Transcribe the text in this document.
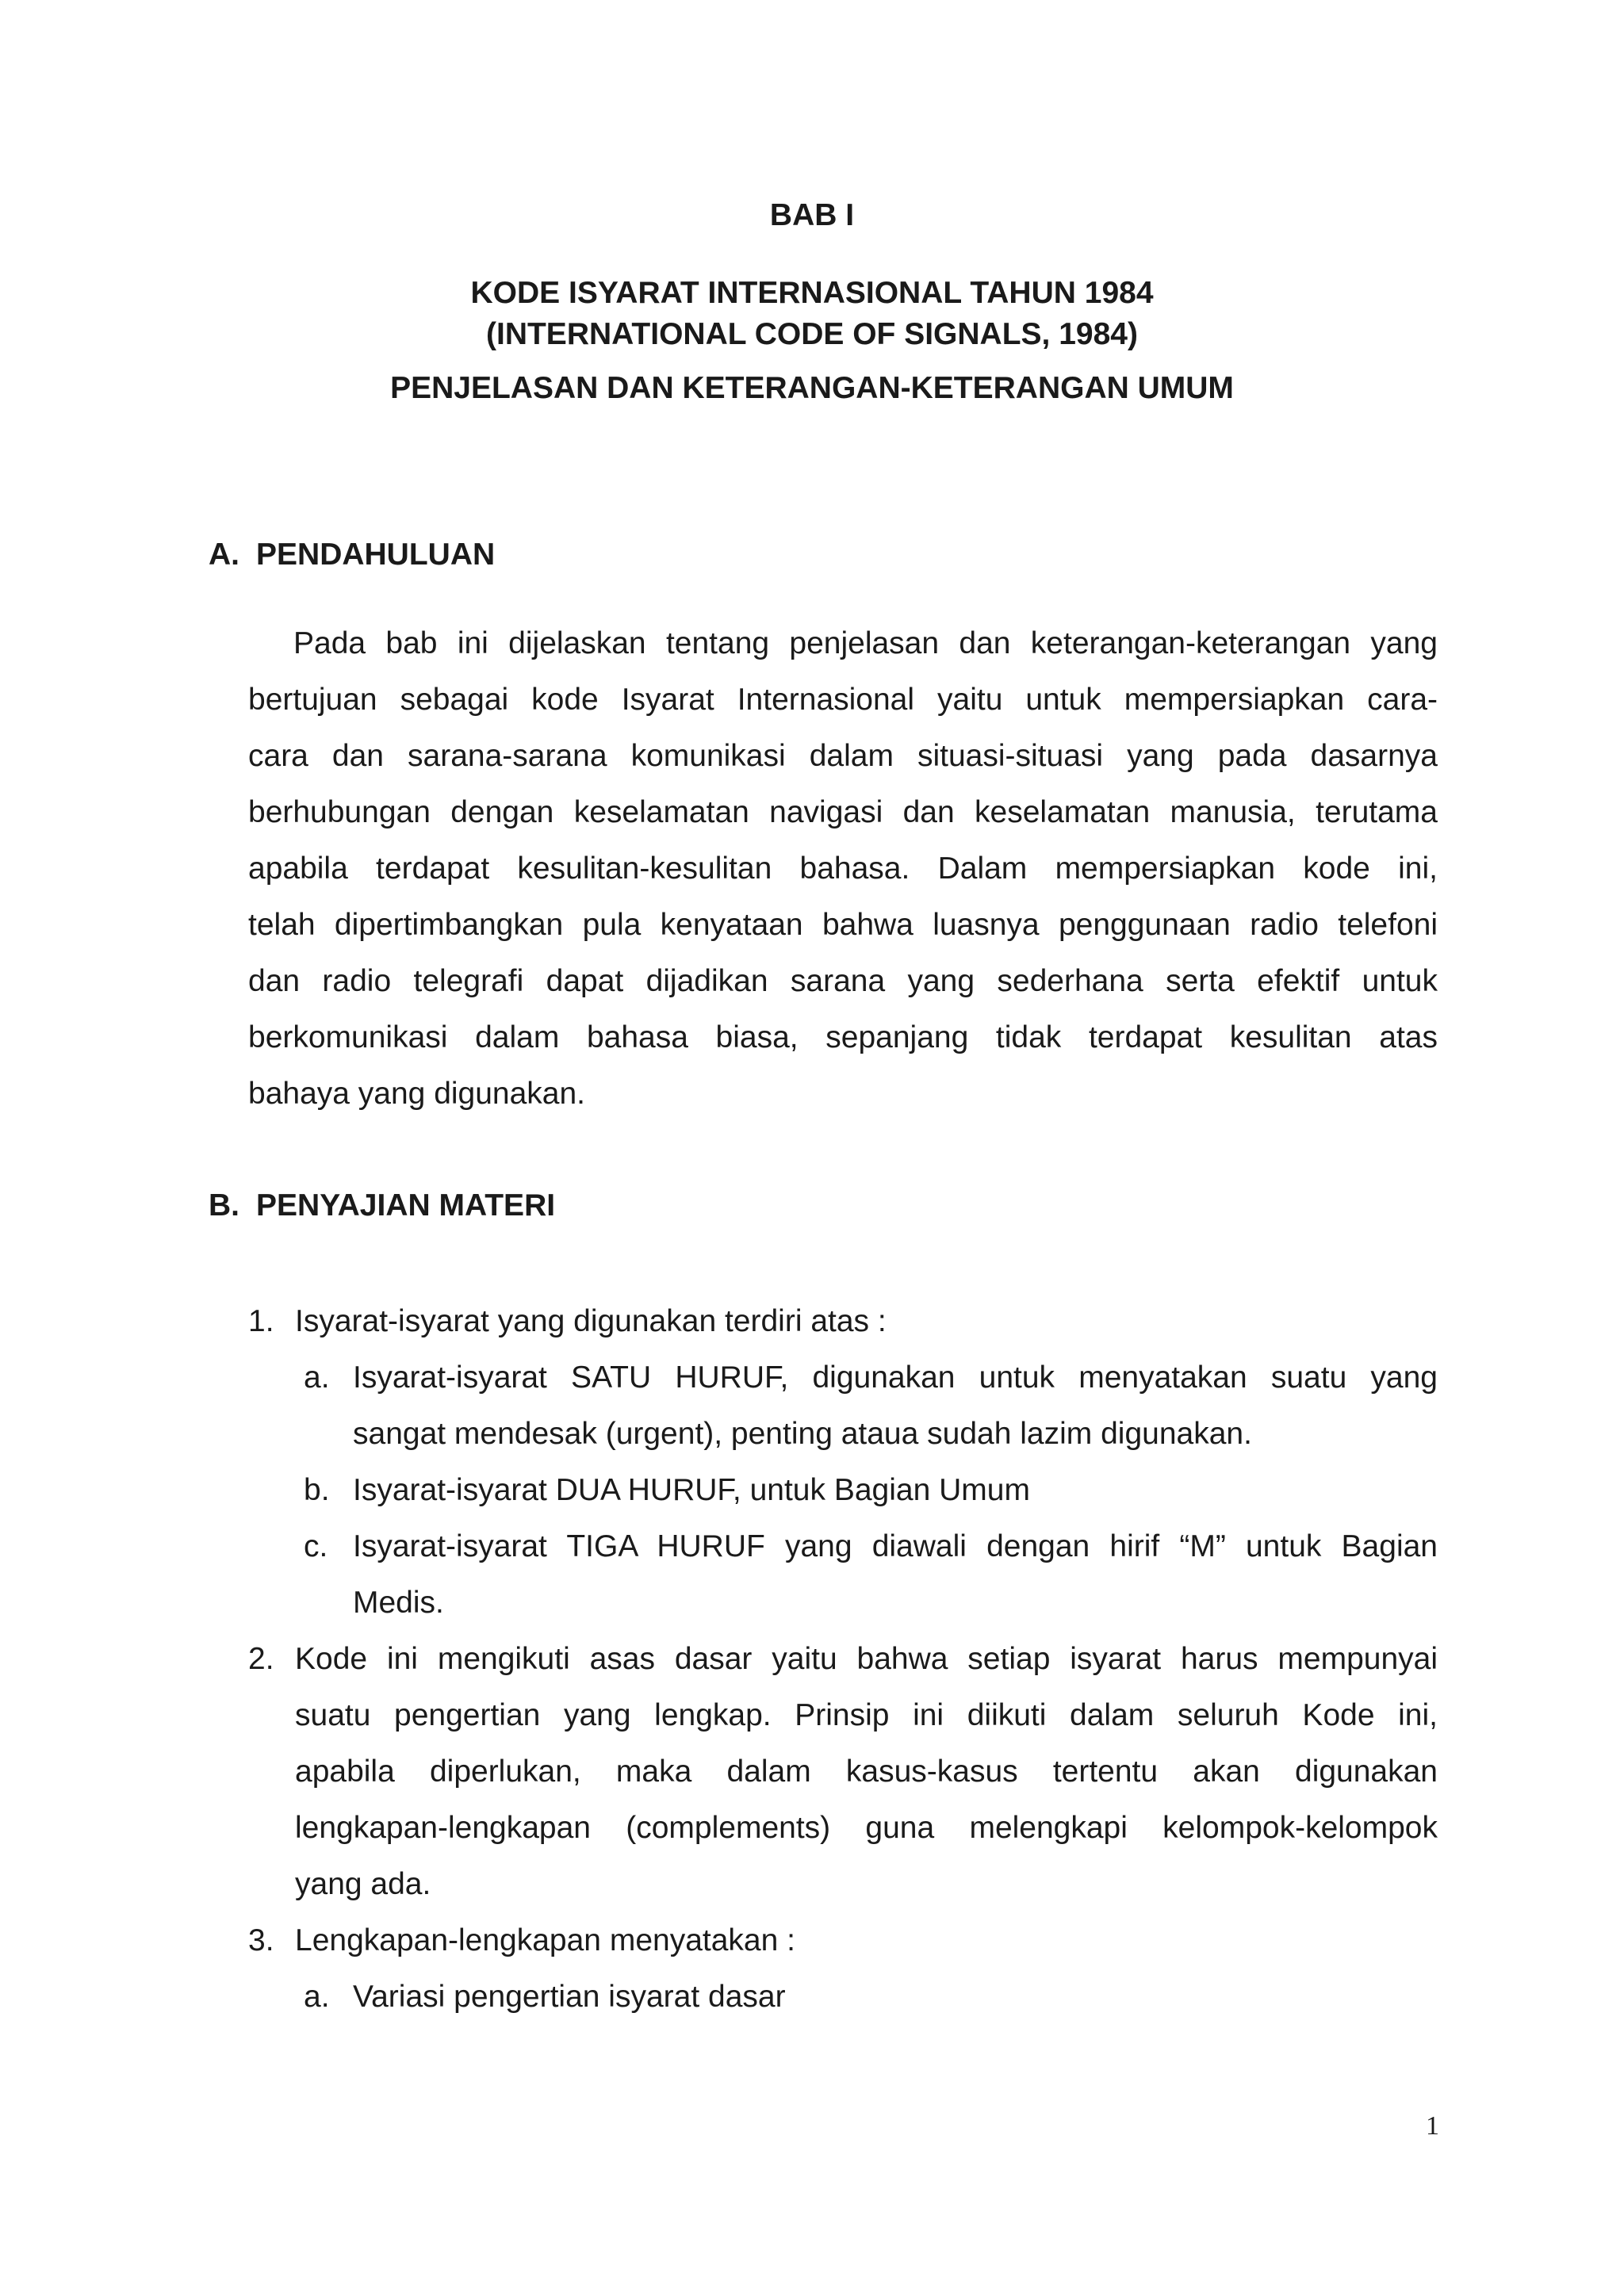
BAB I
KODE ISYARAT INTERNASIONAL TAHUN 1984
(INTERNATIONAL CODE OF SIGNALS, 1984)
PENJELASAN DAN KETERANGAN-KETERANGAN UMUM
A. PENDAHULUAN
Pada bab ini dijelaskan tentang penjelasan dan keterangan-keterangan yang
bertujuan sebagai kode Isyarat Internasional yaitu untuk mempersiapkan cara-
cara dan sarana-sarana komunikasi dalam situasi-situasi yang pada dasarnya
berhubungan dengan keselamatan navigasi dan keselamatan manusia, terutama
apabila terdapat kesulitan-kesulitan bahasa. Dalam mempersiapkan kode ini,
telah dipertimbangkan pula kenyataan bahwa luasnya penggunaan radio telefoni
dan radio telegrafi dapat dijadikan sarana yang sederhana serta efektif untuk
berkomunikasi dalam bahasa biasa, sepanjang tidak terdapat kesulitan atas
bahaya yang digunakan.
B. PENYAJIAN MATERI
1. Isyarat-isyarat yang digunakan terdiri atas :
a. Isyarat-isyarat SATU HURUF, digunakan untuk menyatakan suatu yang
sangat mendesak (urgent), penting ataua sudah lazim digunakan.
b. Isyarat-isyarat DUA HURUF, untuk Bagian Umum
c. Isyarat-isyarat TIGA HURUF yang diawali dengan hirif “M” untuk Bagian
Medis.
2. Kode ini mengikuti asas dasar yaitu bahwa setiap isyarat harus mempunyai
suatu pengertian yang lengkap. Prinsip ini diikuti dalam seluruh Kode ini,
apabila diperlukan, maka dalam kasus-kasus tertentu akan digunakan
lengkapan-lengkapan (complements) guna melengkapi kelompok-kelompok
yang ada.
3. Lengkapan-lengkapan menyatakan :
a. Variasi pengertian isyarat dasar
1
